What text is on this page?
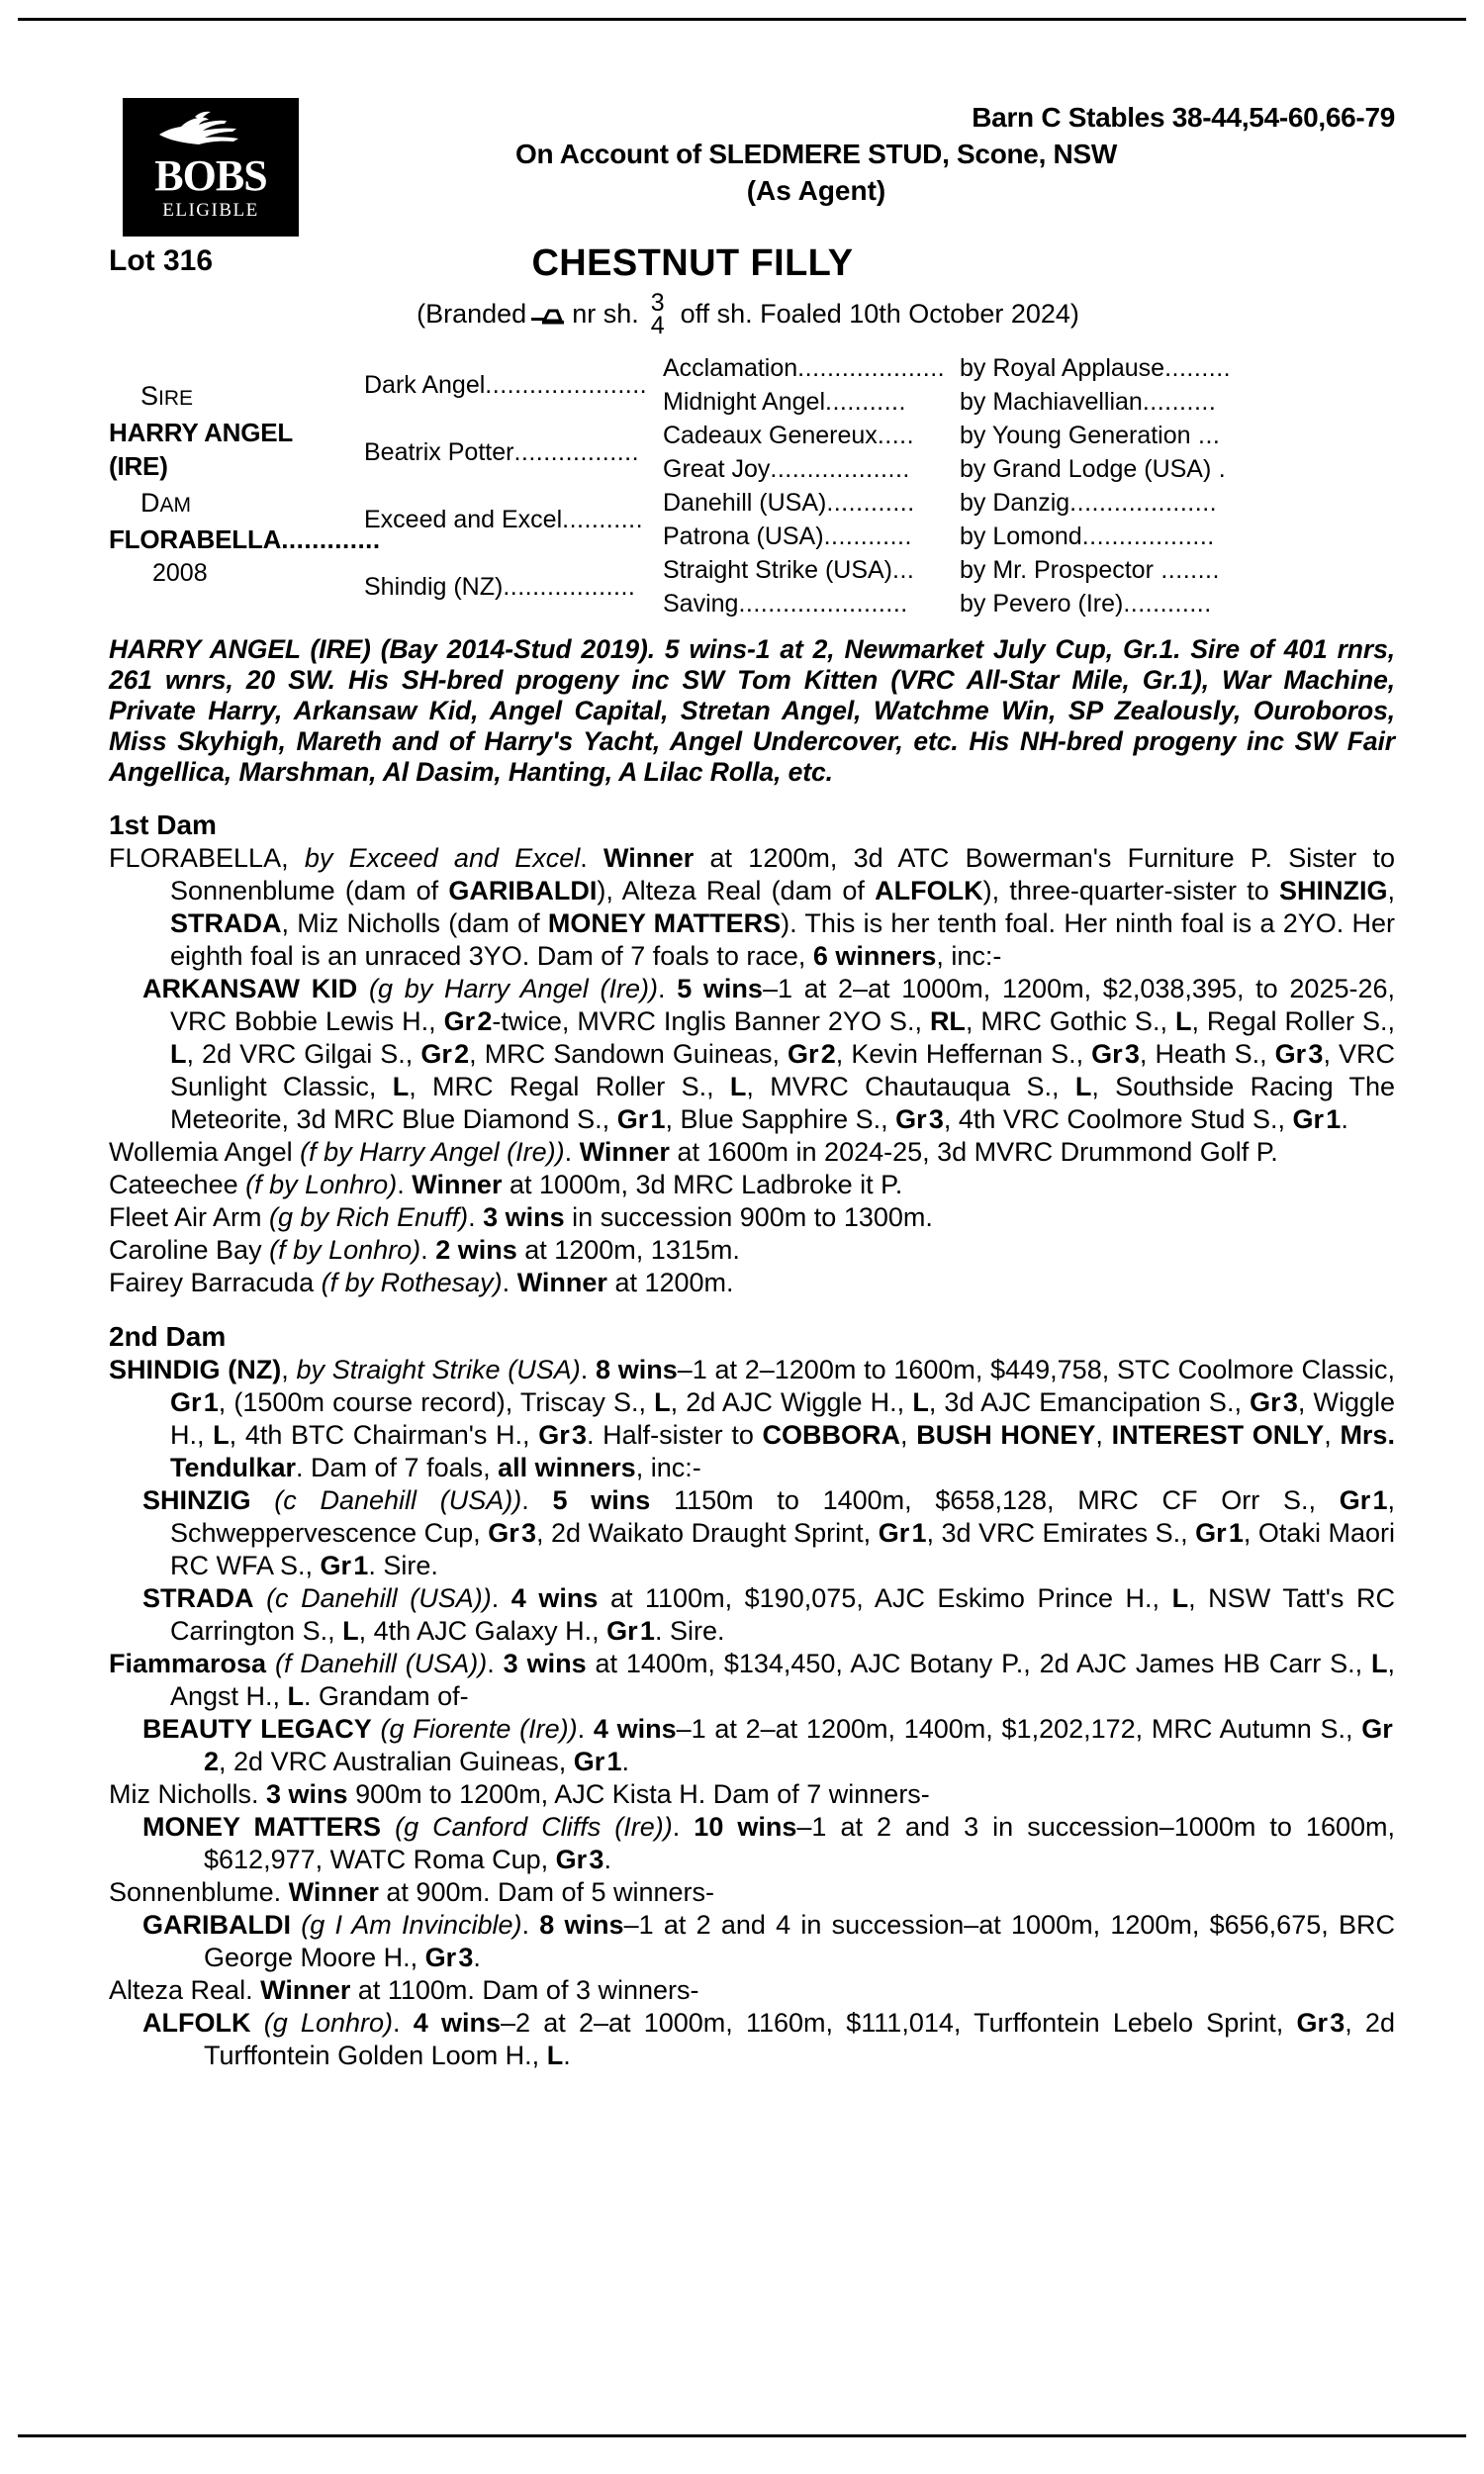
BOBS
ELIGIBLE
Barn C Stables 38-44,54-60,66-79
On Account of SLEDMERE STUD, Scone, NSW
(As Agent)
Lot 316	CHESTNUT FILLY
(Branded nr sh. 3
4 off sh. Foaled 10th October 2024)
SIRE
HARRY ANGEL (IRE)
DAM
FLORABELLA.............
2008
Dark Angel ......................
Beatrix Potter .................
Exceed and Excel ...........
Shindig (NZ) ..................
Acclamation....................
Midnight Angel...........
Cadeaux Genereux.....
Great Joy...................
Danehill (USA)............
Patrona (USA)............
Straight Strike (USA)...
Saving.......................
by Royal Applause.........
by Machiavellian..........
by Young Generation ...
by Grand Lodge (USA) .
by Danzig....................
by Lomond..................
by Mr. Prospector ........
by Pevero (Ire)............
HARRY ANGEL (IRE) (Bay 2014-Stud 2019). 5 wins-1 at 2, Newmarket July Cup, Gr.1. Sire of 401 rnrs, 261 wnrs, 20 SW. His SH-bred progeny inc SW Tom Kitten (VRC All-Star Mile, Gr.1), War Machine, Private Harry, Arkansaw Kid, Angel Capital, Stretan Angel, Watchme Win, SP Zealously, Ouroboros, Miss Skyhigh, Mareth and of Harry's Yacht, Angel Undercover, etc. His NH-bred progeny inc SW Fair Angellica, Marshman, Al Dasim, Hanting, A Lilac Rolla, etc.
1st Dam
FLORABELLA, by Exceed and Excel. Winner at 1200m, 3d ATC Bowerman's Furniture P. Sister to Sonnenblume (dam of GARIBALDI), Alteza Real (dam of ALFOLK), three-quarter-sister to SHINZIG, STRADA, Miz Nicholls (dam of MONEY MATTERS). This is her tenth foal. Her ninth foal is a 2YO. Her eighth foal is an unraced 3YO. Dam of 7 foals to race, 6 winners, inc:-
ARKANSAW KID (g by Harry Angel (Ire)). 5 wins–1 at 2–at 1000m, 1200m, $2,038,395, to 2025-26, VRC Bobbie Lewis H., Gr 2-twice, MVRC Inglis Banner 2YO S., RL, MRC Gothic S., L, Regal Roller S., L, 2d VRC Gilgai S., Gr 2, MRC Sandown Guineas, Gr 2, Kevin Heffernan S., Gr 3, Heath S., Gr 3, VRC Sunlight Classic, L, MRC Regal Roller S., L, MVRC Chautauqua S., L, Southside Racing The Meteorite, 3d MRC Blue Diamond S., Gr 1, Blue Sapphire S., Gr 3, 4th VRC Coolmore Stud S., Gr 1.
Wollemia Angel (f by Harry Angel (Ire)). Winner at 1600m in 2024-25, 3d MVRC Drummond Golf P.
Cateechee (f by Lonhro). Winner at 1000m, 3d MRC Ladbroke it P.
Fleet Air Arm (g by Rich Enuff). 3 wins in succession 900m to 1300m.
Caroline Bay (f by Lonhro). 2 wins at 1200m, 1315m.
Fairey Barracuda (f by Rothesay). Winner at 1200m.
2nd Dam
SHINDIG (NZ), by Straight Strike (USA). 8 wins–1 at 2–1200m to 1600m, $449,758, STC Coolmore Classic, Gr 1, (1500m course record), Triscay S., L, 2d AJC Wiggle H., L, 3d AJC Emancipation S., Gr 3, Wiggle H., L, 4th BTC Chairman's H., Gr 3. Half-sister to COBBORA, BUSH HONEY, INTEREST ONLY, Mrs. Tendulkar. Dam of 7 foals, all winners, inc:-
SHINZIG (c Danehill (USA)). 5 wins 1150m to 1400m, $658,128, MRC CF Orr S., Gr 1, Schweppervescence Cup, Gr 3, 2d Waikato Draught Sprint, Gr 1, 3d VRC Emirates S., Gr 1, Otaki Maori RC WFA S., Gr 1. Sire.
STRADA (c Danehill (USA)). 4 wins at 1100m, $190,075, AJC Eskimo Prince H., L, NSW Tatt's RC Carrington S., L, 4th AJC Galaxy H., Gr 1. Sire.
Fiammarosa (f Danehill (USA)). 3 wins at 1400m, $134,450, AJC Botany P., 2d AJC James HB Carr S., L, Angst H., L. Grandam of-
BEAUTY LEGACY (g Fiorente (Ire)). 4 wins–1 at 2–at 1200m, 1400m, $1,202,172, MRC Autumn S., Gr 2, 2d VRC Australian Guineas, Gr 1.
Miz Nicholls. 3 wins 900m to 1200m, AJC Kista H. Dam of 7 winners-
MONEY MATTERS (g Canford Cliffs (Ire)). 10 wins–1 at 2 and 3 in succession–1000m to 1600m, $612,977, WATC Roma Cup, Gr 3.
Sonnenblume. Winner at 900m. Dam of 5 winners-
GARIBALDI (g I Am Invincible). 8 wins–1 at 2 and 4 in succession–at 1000m, 1200m, $656,675, BRC George Moore H., Gr 3.
Alteza Real. Winner at 1100m. Dam of 3 winners-
ALFOLK (g Lonhro). 4 wins–2 at 2–at 1000m, 1160m, $111,014, Turffontein Lebelo Sprint, Gr 3, 2d Turffontein Golden Loom H., L.
